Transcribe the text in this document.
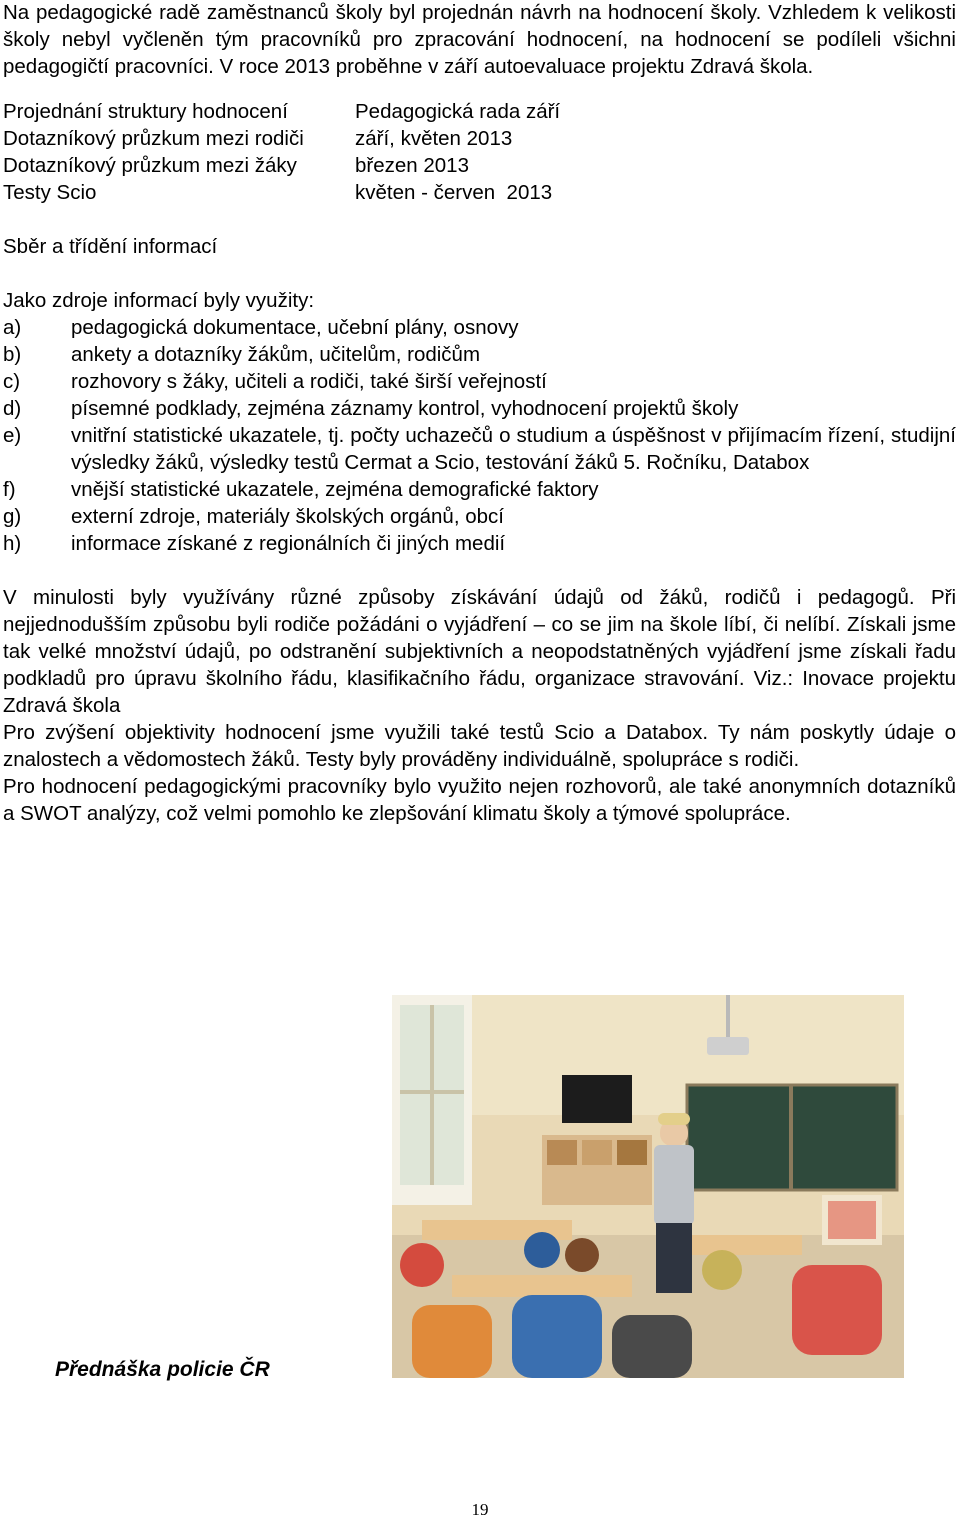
Na pedagogické radě zaměstnanců školy byl projednán návrh na hodnocení školy. Vzhledem k velikosti školy nebyl vyčleněn tým pracovníků pro zpracování hodnocení, na hodnocení se podíleli všichni pedagogičtí pracovníci. V roce 2013 proběhne v září autoevaluace projektu Zdravá škola.

Projednání struktury hodnocení	Pedagogická rada září
Dotazníkový průzkum mezi rodiči	září, květen 2013
Dotazníkový průzkum mezi žáky	březen 2013
Testy Scio	květen - červen  2013
Sběr a třídění informací
Jako zdroje informací byly využity:
a)	pedagogická dokumentace, učební plány, osnovy
b)	ankety a dotazníky žákům, učitelům, rodičům
c)	rozhovory s žáky, učiteli a rodiči, také širší veřejností
d)	písemné podklady, zejména záznamy kontrol, vyhodnocení projektů školy
e)	vnitřní statistické ukazatele, tj. počty uchazečů o studium a úspěšnost v přijímacím řízení, studijní výsledky žáků, výsledky testů Cermat a Scio, testování žáků 5. Ročníku, Databox
f)	vnější statistické ukazatele, zejména demografické faktory
g)	externí zdroje, materiály školských orgánů, obcí
h)	informace získané z regionálních či jiných medií

V minulosti byly využívány různé způsoby získávání údajů od žáků, rodičů i pedagogů. Při nejjednodušším způsobu byli rodiče požádáni o vyjádření – co se jim na škole líbí, či nelíbí. Získali jsme tak velké množství údajů, po odstranění subjektivních a neopodstatněných vyjádření jsme získali řadu podkladů pro úpravu školního řádu, klasifikačního řádu, organizace stravování. Viz.: Inovace projektu Zdravá škola

Pro zvýšení objektivity hodnocení jsme využili také testů Scio a Databox. Ty nám poskytly údaje o znalostech a vědomostech žáků. Testy byly prováděny individuálně, spolupráce s rodiči.

Pro hodnocení pedagogickými pracovníky bylo využito nejen rozhovorů, ale také anonymních dotazníků a SWOT analýzy, což velmi pomohlo ke zlepšování klimatu školy a týmové spolupráce.

Přednáška policie ČR
19
